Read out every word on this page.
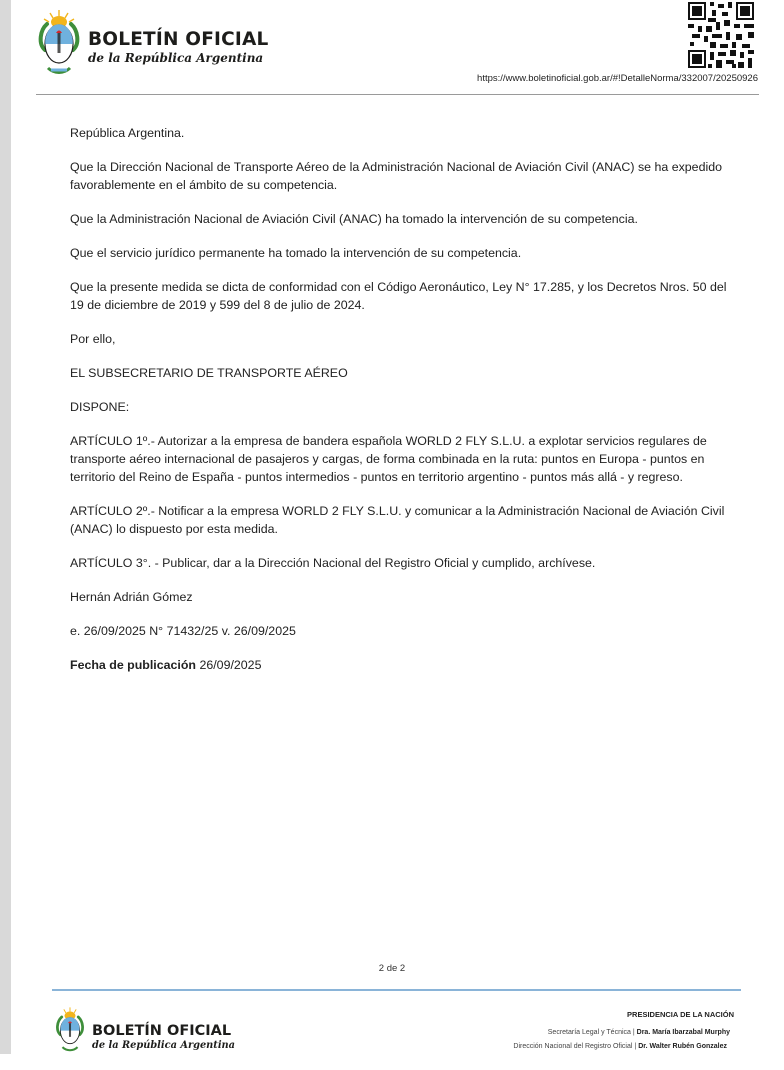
BOLETÍN OFICIAL
de la República Argentina
https://www.boletinoficial.gob.ar/#!DetalleNorma/332007/20250926

República Argentina.

Que la Dirección Nacional de Transporte Aéreo de la Administración Nacional de Aviación Civil (ANAC) se ha expedido favorablemente en el ámbito de su competencia.

Que la Administración Nacional de Aviación Civil (ANAC) ha tomado la intervención de su competencia.

Que el servicio jurídico permanente ha tomado la intervención de su competencia.

Que la presente medida se dicta de conformidad con el Código Aeronáutico, Ley N° 17.285, y los Decretos Nros. 50 del 19 de diciembre de 2019 y 599 del 8 de julio de 2024.

Por ello,

EL SUBSECRETARIO DE TRANSPORTE AÉREO

DISPONE:

ARTÍCULO 1º.- Autorizar a la empresa de bandera española WORLD 2 FLY S.L.U. a explotar servicios regulares de transporte aéreo internacional de pasajeros y cargas, de forma combinada en la ruta: puntos en Europa - puntos en territorio del Reino de España - puntos intermedios - puntos en territorio argentino - puntos más allá - y regreso.

ARTÍCULO 2º.- Notificar a la empresa WORLD 2 FLY S.L.U. y comunicar a la Administración Nacional de Aviación Civil (ANAC) lo dispuesto por esta medida.

ARTÍCULO 3°. - Publicar, dar a la Dirección Nacional del Registro Oficial y cumplido, archívese.

Hernán Adrián Gómez

e. 26/09/2025 N° 71432/25 v. 26/09/2025

Fecha de publicación 26/09/2025

2 de 2
BOLETÍN OFICIAL
de la República Argentina
PRESIDENCIA DE LA NACIÓN
Secretaría Legal y Técnica | Dra. María Ibarzabal Murphy
Dirección Nacional del Registro Oficial | Dr. Walter Rubén Gonzalez
